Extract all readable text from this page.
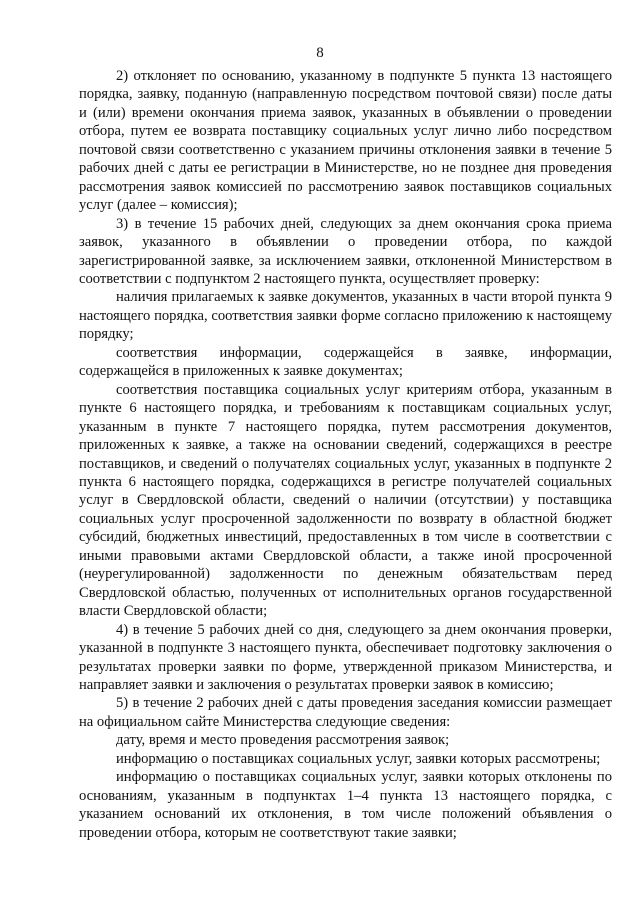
8

2) отклоняет по основанию, указанному в подпункте 5 пункта 13 настоящего порядка, заявку, поданную (направленную посредством почтовой связи) после даты и (или) времени окончания приема заявок, указанных в объявлении о проведении отбора, путем ее возврата поставщику социальных услуг лично либо посредством почтовой связи соответственно с указанием причины отклонения заявки в течение 5 рабочих дней с даты ее регистрации в Министерстве, но не позднее дня проведения рассмотрения заявок комиссией по рассмотрению заявок поставщиков социальных услуг (далее – комиссия);

3) в течение 15 рабочих дней, следующих за днем окончания срока приема заявок, указанного в объявлении о проведении отбора, по каждой зарегистрированной заявке, за исключением заявки, отклоненной Министерством в соответствии с подпунктом 2 настоящего пункта, осуществляет проверку:

наличия прилагаемых к заявке документов, указанных в части второй пункта 9 настоящего порядка, соответствия заявки форме согласно приложению к настоящему порядку;

соответствия информации, содержащейся в заявке, информации, содержащейся в приложенных к заявке документах;

соответствия поставщика социальных услуг критериям отбора, указанным в пункте 6 настоящего порядка, и требованиям к поставщикам социальных услуг, указанным в пункте 7 настоящего порядка, путем рассмотрения документов, приложенных к заявке, а также на основании сведений, содержащихся в реестре поставщиков, и сведений о получателях социальных услуг, указанных в подпункте 2 пункта 6 настоящего порядка, содержащихся в регистре получателей социальных услуг в Свердловской области, сведений о наличии (отсутствии) у поставщика социальных услуг просроченной задолженности по возврату в областной бюджет субсидий, бюджетных инвестиций, предоставленных в том числе в соответствии с иными правовыми актами Свердловской области, а также иной просроченной (неурегулированной) задолженности по денежным обязательствам перед Свердловской областью, полученных от исполнительных органов государственной власти Свердловской области;

4) в течение 5 рабочих дней со дня, следующего за днем окончания проверки, указанной в подпункте 3 настоящего пункта, обеспечивает подготовку заключения о результатах проверки заявки по форме, утвержденной приказом Министерства, и направляет заявки и заключения о результатах проверки заявок в комиссию;

5) в течение 2 рабочих дней с даты проведения заседания комиссии размещает на официальном сайте Министерства следующие сведения:

дату, время и место проведения рассмотрения заявок;

информацию о поставщиках социальных услуг, заявки которых рассмотрены;

информацию о поставщиках социальных услуг, заявки которых отклонены по основаниям, указанным в подпунктах 1–4 пункта 13 настоящего порядка, с указанием оснований их отклонения, в том числе положений объявления о проведении отбора, которым не соответствуют такие заявки;
